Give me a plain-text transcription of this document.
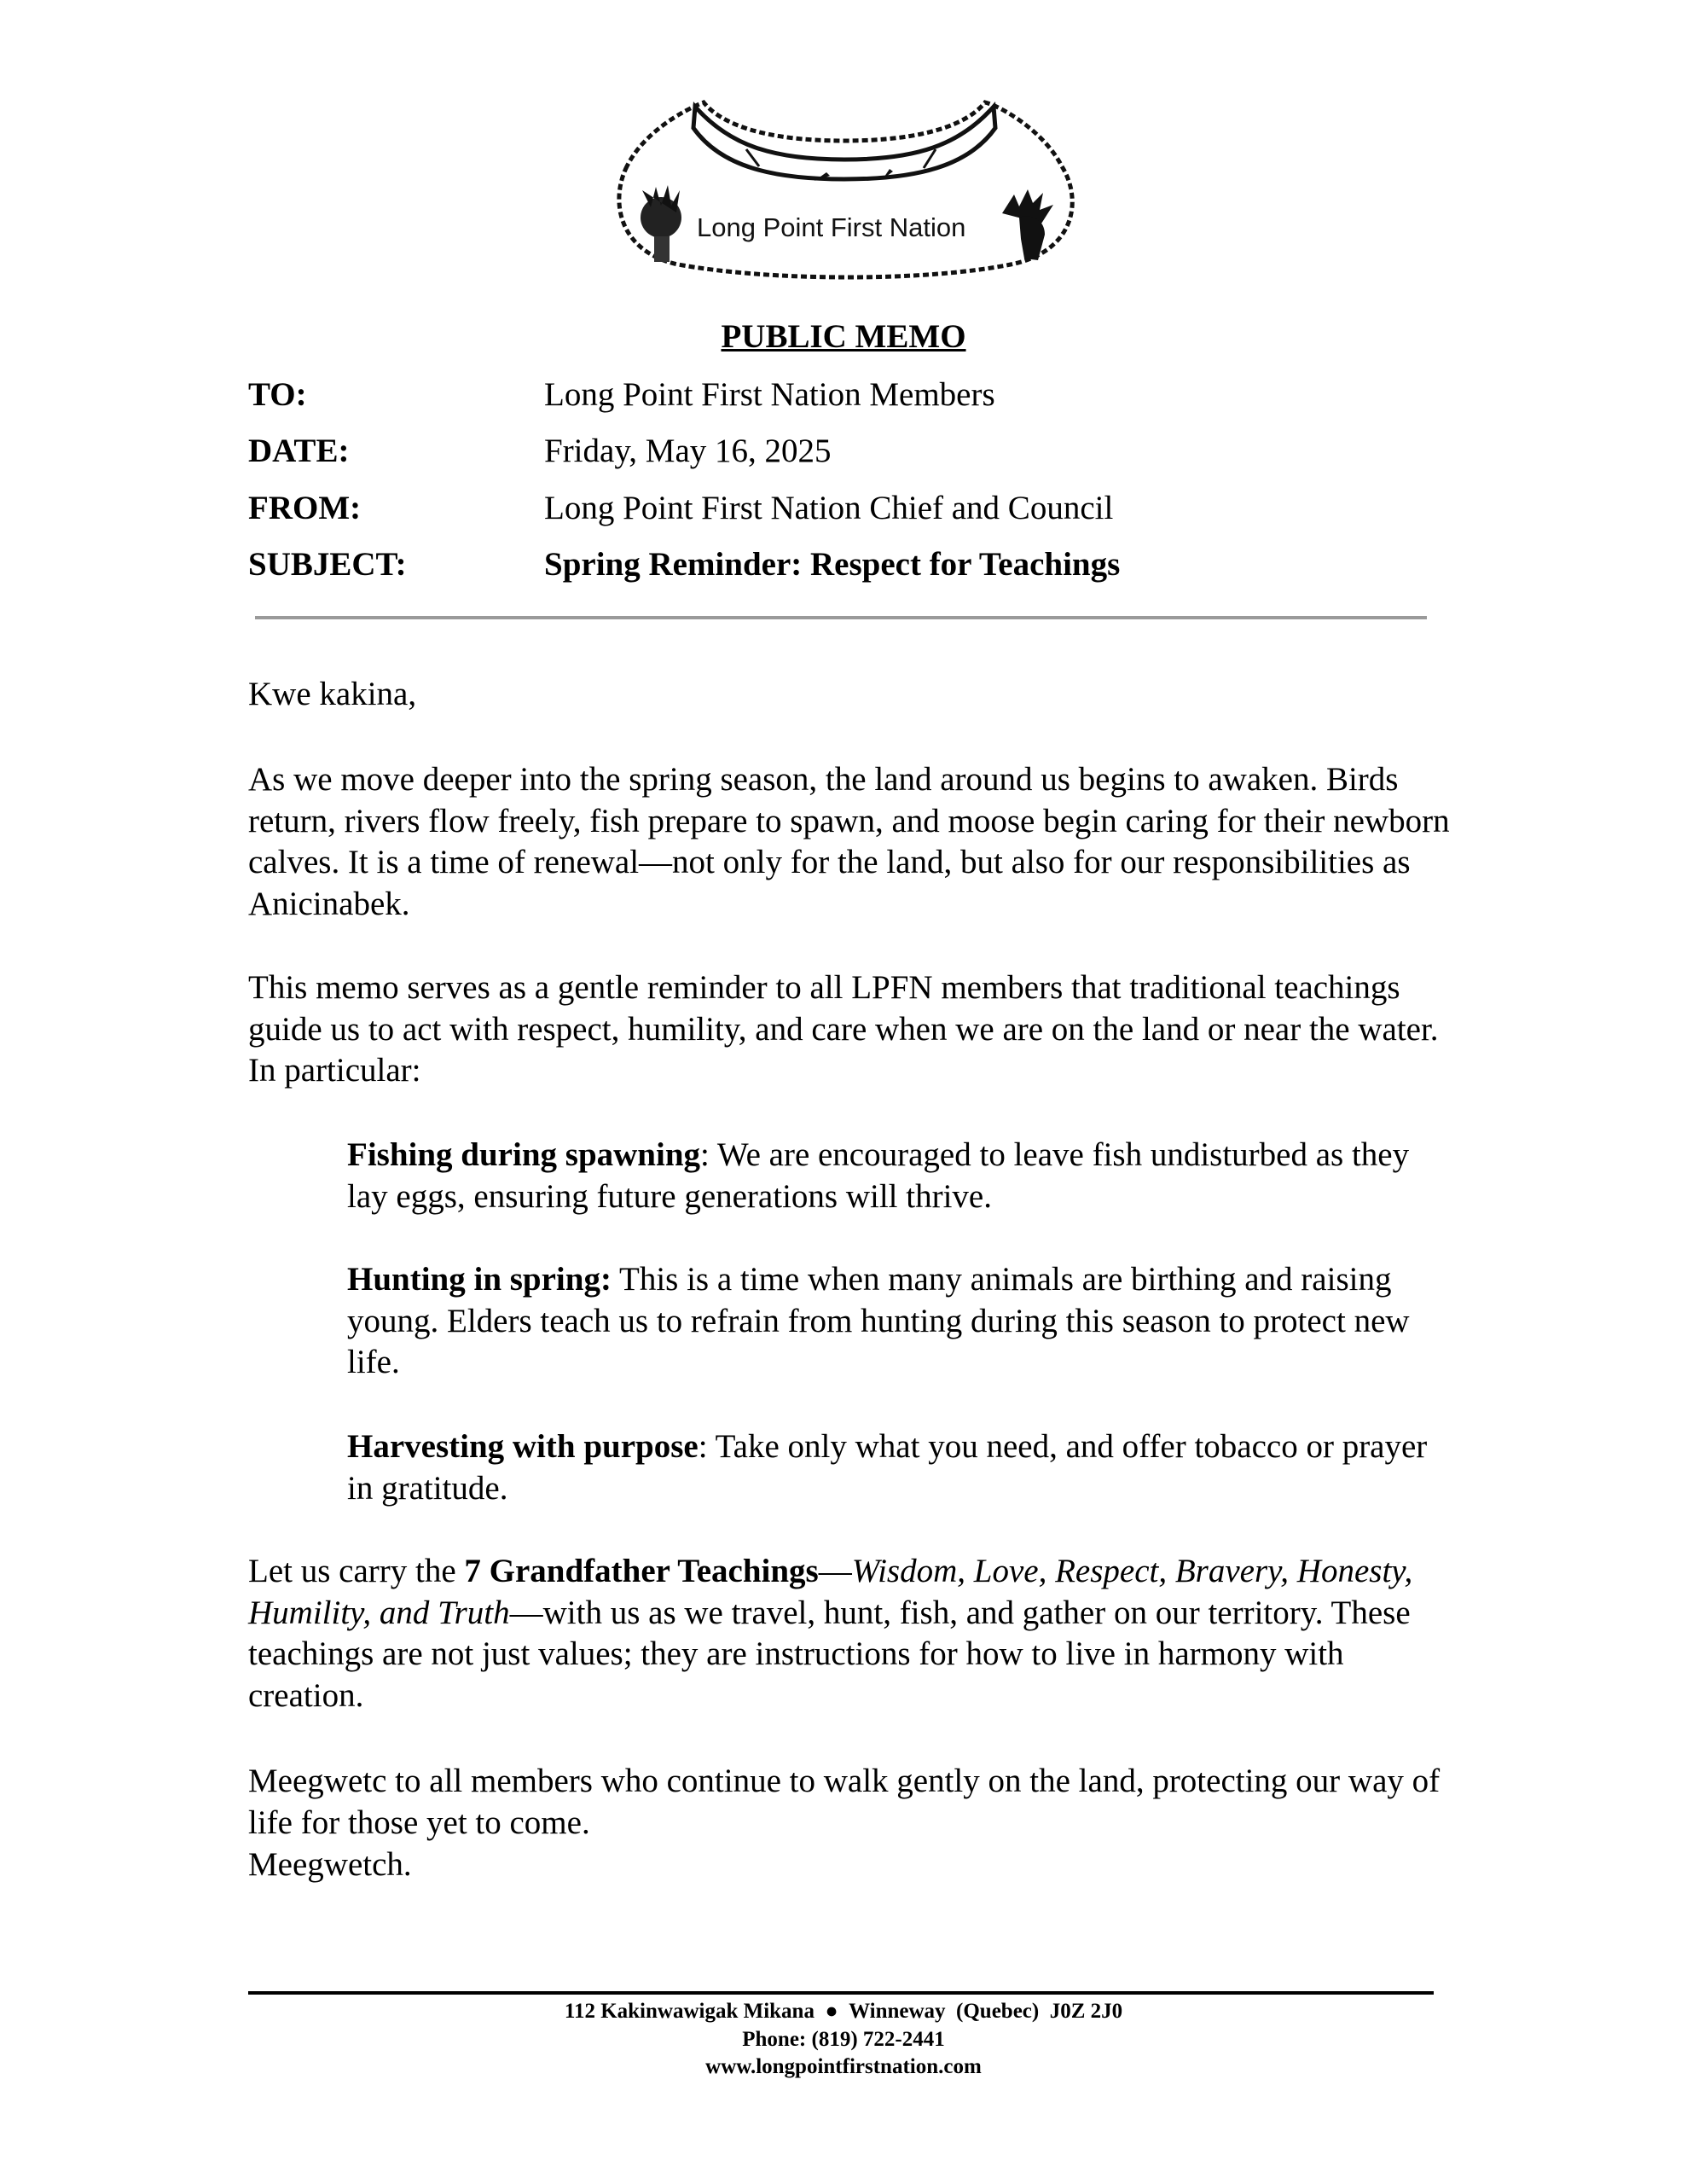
Long Point First Nation
PUBLIC MEMO
TO:	Long Point First Nation Members
DATE:	Friday, May 16, 2025
FROM:	Long Point First Nation Chief and Council
SUBJECT:	Spring Reminder: Respect for Teachings

Kwe kakina,

As we move deeper into the spring season, the land around us begins to awaken. Birds return, rivers flow freely, fish prepare to spawn, and moose begin caring for their newborn calves. It is a time of renewal—not only for the land, but also for our responsibilities as Anicinabek.

This memo serves as a gentle reminder to all LPFN members that traditional teachings guide us to act with respect, humility, and care when we are on the land or near the water. In particular:

Fishing during spawning: We are encouraged to leave fish undisturbed as they lay eggs, ensuring future generations will thrive.

Hunting in spring: This is a time when many animals are birthing and raising young. Elders teach us to refrain from hunting during this season to protect new life.

Harvesting with purpose: Take only what you need, and offer tobacco or prayer in gratitude.

Let us carry the 7 Grandfather Teachings—Wisdom, Love, Respect, Bravery, Honesty, Humility, and Truth—with us as we travel, hunt, fish, and gather on our territory. These teachings are not just values; they are instructions for how to live in harmony with creation.

Meegwetc to all members who continue to walk gently on the land, protecting our way of life for those yet to come.

Meegwetch.

112 Kakinwawigak Mikana ● Winneway  (Quebec)  J0Z 2J0
Phone: (819) 722-2441
www.longpointfirstnation.com
